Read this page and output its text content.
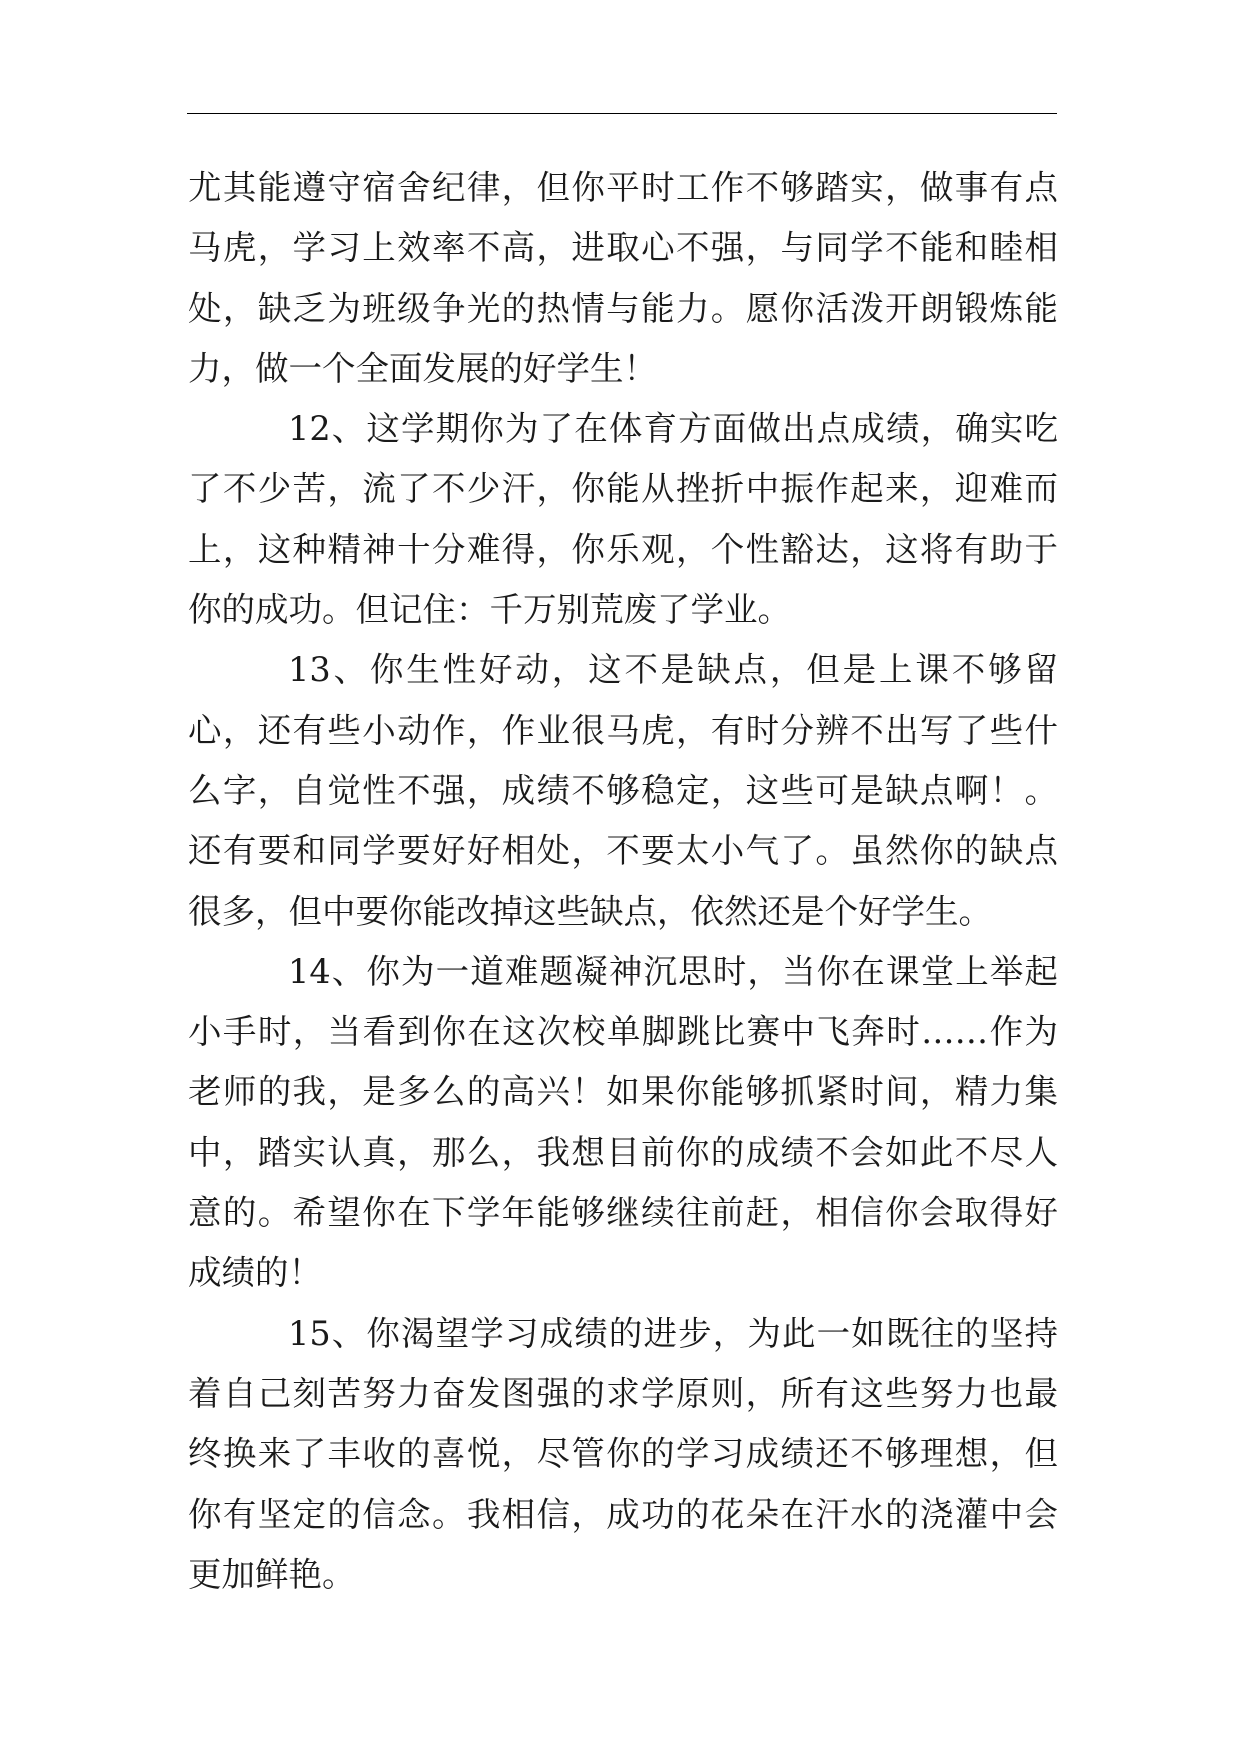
尤其能遵守宿舍纪律，但你平时工作不够踏实，做事有点马虎，学习上效率不高，进取心不强，与同学不能和睦相处，缺乏为班级争光的热情与能力。愿你活泼开朗锻炼能力，做一个全面发展的好学生！

12、这学期你为了在体育方面做出点成绩，确实吃了不少苦，流了不少汗，你能从挫折中振作起来，迎难而上，这种精神十分难得，你乐观，个性豁达，这将有助于你的成功。但记住：千万别荒废了学业。

13、你生性好动，这不是缺点，但是上课不够留心，还有些小动作，作业很马虎，有时分辨不出写了些什么字，自觉性不强，成绩不够稳定，这些可是缺点啊！。还有要和同学要好好相处，不要太小气了。虽然你的缺点很多，但中要你能改掉这些缺点，依然还是个好学生。

14、你为一道难题凝神沉思时，当你在课堂上举起小手时，当看到你在这次校单脚跳比赛中飞奔时……作为老师的我，是多么的高兴！如果你能够抓紧时间，精力集中，踏实认真，那么，我想目前你的成绩不会如此不尽人意的。希望你在下学年能够继续往前赶，相信你会取得好成绩的！

15、你渴望学习成绩的进步，为此一如既往的坚持着自己刻苦努力奋发图强的求学原则，所有这些努力也最终换来了丰收的喜悦，尽管你的学习成绩还不够理想，但你有坚定的信念。我相信，成功的花朵在汗水的浇灌中会更加鲜艳。
